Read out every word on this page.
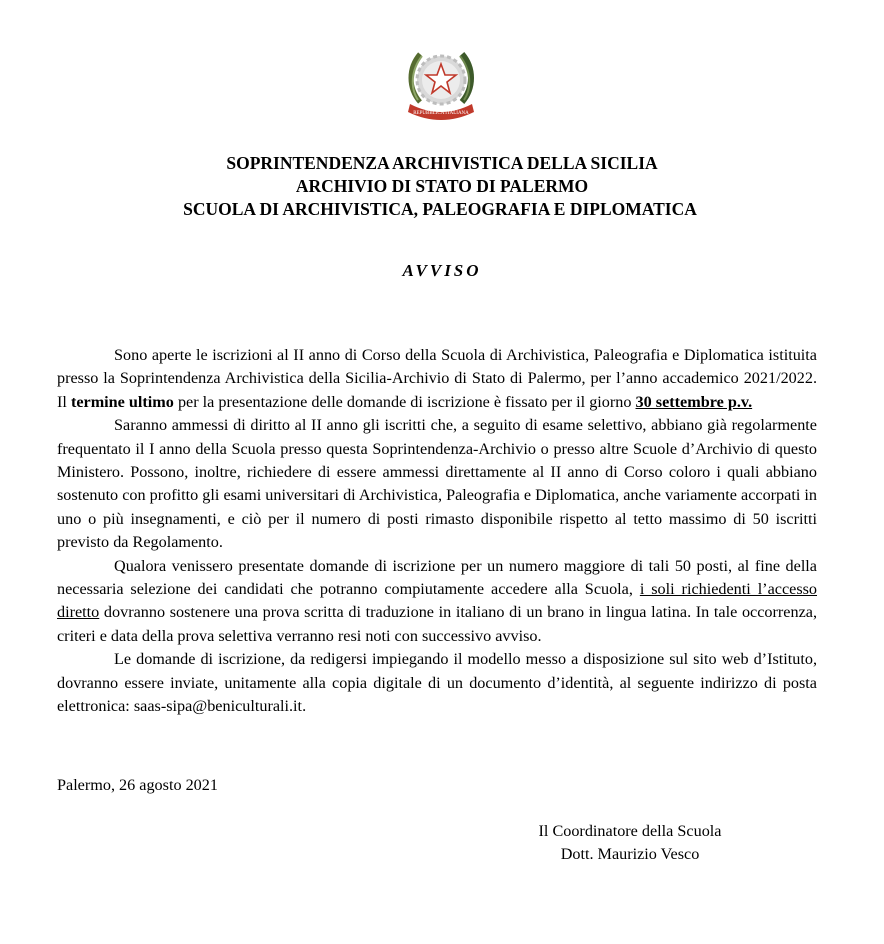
REPUBBLICA ITALIANA
SOPRINTENDENZA ARCHIVISTICA DELLA SICILIA
ARCHIVIO DI STATO DI PALERMO
SCUOLA DI ARCHIVISTICA, PALEOGRAFIA E DIPLOMATICA
AVVISO

Sono aperte le iscrizioni al II anno di Corso della Scuola di Archivistica, Paleografia e Diplomatica istituita presso la Soprintendenza Archivistica della Sicilia-Archivio di Stato di Palermo, per l’anno accademico 2021/2022. Il termine ultimo per la presentazione delle domande di iscrizione è fissato per il giorno 30 settembre p.v.

Saranno ammessi di diritto al II anno gli iscritti che, a seguito di esame selettivo, abbiano già regolarmente frequentato il I anno della Scuola presso questa Soprintendenza-Archivio o presso altre Scuole d’Archivio di questo Ministero. Possono, inoltre, richiedere di essere ammessi direttamente al II anno di Corso coloro i quali abbiano sostenuto con profitto gli esami universitari di Archivistica, Paleografia e Diplomatica, anche variamente accorpati in uno o più insegnamenti, e ciò per il numero di posti rimasto disponibile rispetto al tetto massimo di 50 iscritti previsto da Regolamento.

Qualora venissero presentate domande di iscrizione per un numero maggiore di tali 50 posti, al fine della necessaria selezione dei candidati che potranno compiutamente accedere alla Scuola, i soli richiedenti l’accesso diretto dovranno sostenere una prova scritta di traduzione in italiano di un brano in lingua latina. In tale occorrenza, criteri e data della prova selettiva verranno resi noti con successivo avviso.

Le domande di iscrizione, da redigersi impiegando il modello messo a disposizione sul sito web d’Istituto, dovranno essere inviate, unitamente alla copia digitale di un documento d’identità, al seguente indirizzo di posta elettronica: saas-sipa@beniculturali.it.

Palermo, 26 agosto 2021
Il Coordinatore della Scuola
Dott. Maurizio Vesco
